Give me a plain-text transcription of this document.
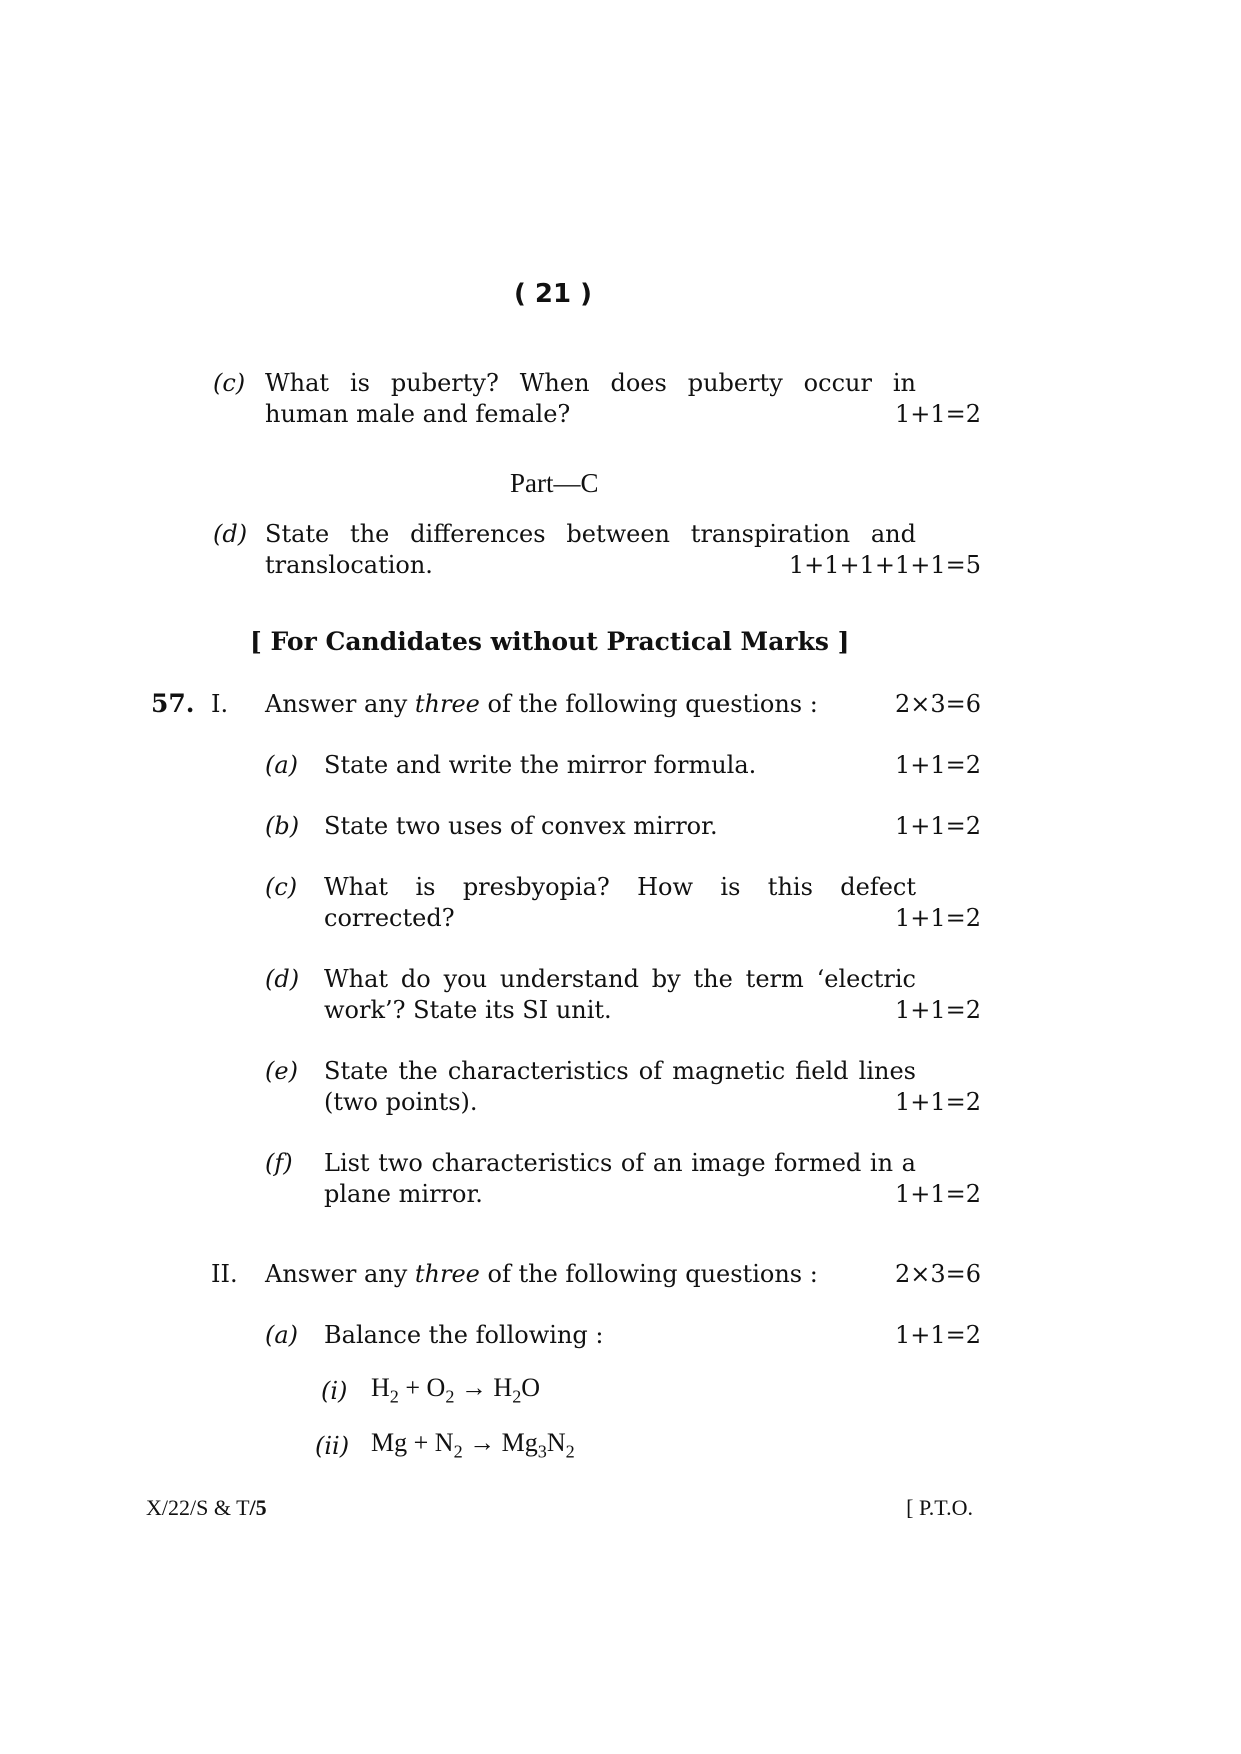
( 21 )
(c) What is puberty? When does puberty occur in
human male and female?	1+1=2
Part—C
(d) State the differences between transpiration and
translocation.	1+1+1+1+1=5
[ For Candidates without Practical Marks ]
57. I. Answer any three of the following questions :	2×3=6
(a) State and write the mirror formula.	1+1=2
(b) State two uses of convex mirror.	1+1=2
(c) What is presbyopia? How is this defect
corrected?	1+1=2
(d) What do you understand by the term ‘electric
work’? State its SI unit.	1+1=2
(e) State the characteristics of magnetic field lines
(two points).	1+1=2
(f) List two characteristics of an image formed in a
plane mirror.	1+1=2
II. Answer any three of the following questions :	2×3=6
(a) Balance the following :	1+1=2
(i) $H_2 + O_2 \to H_2O$
(ii) $Mg + N_2 \to Mg_3N_2$
X/22/S & T/5	[ P.T.O.
